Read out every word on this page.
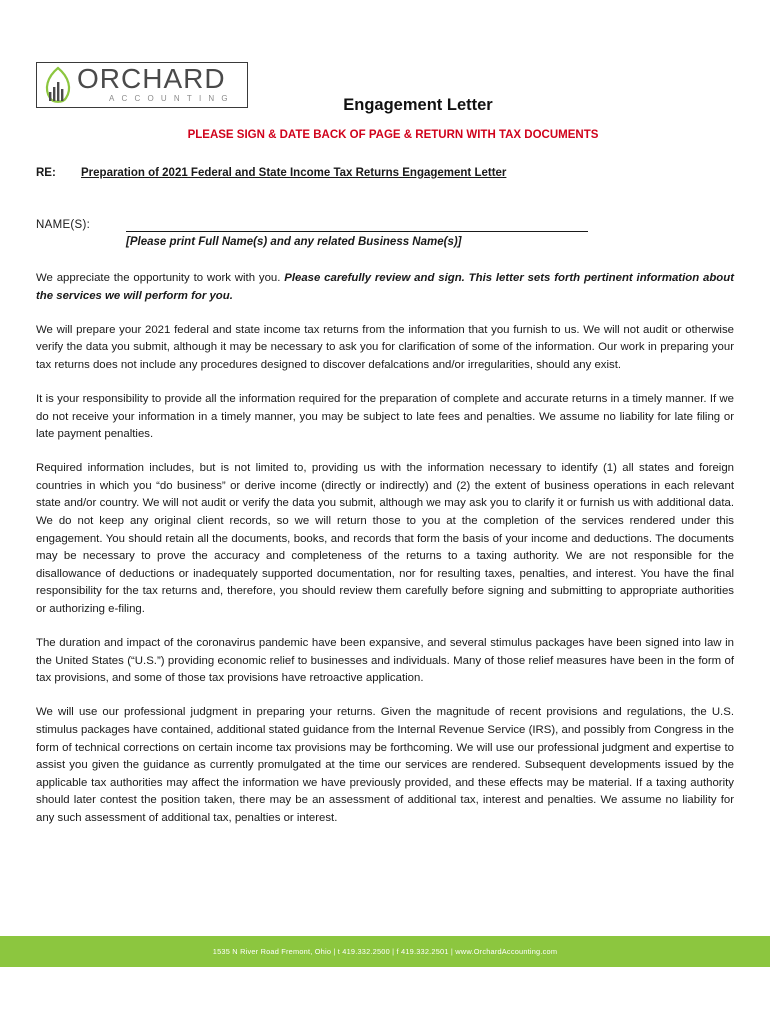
ORCHARD
ACCOUNTING	Engagement Letter
PLEASE SIGN & DATE BACK OF PAGE & RETURN WITH TAX DOCUMENTS
RE: Preparation of 2021 Federal and State Income Tax Returns Engagement Letter
NAME(S):
[Please print Full Name(s) and any related Business Name(s)]

We appreciate the opportunity to work with you. Please carefully review and sign. This letter sets forth pertinent information about the services we will perform for you.

We will prepare your 2021 federal and state income tax returns from the information that you furnish to us. We will not audit or otherwise verify the data you submit, although it may be necessary to ask you for clarification of some of the information. Our work in preparing your tax returns does not include any procedures designed to discover defalcations and/or irregularities, should any exist.

It is your responsibility to provide all the information required for the preparation of complete and accurate returns in a timely manner. If we do not receive your information in a timely manner, you may be subject to late fees and penalties. We assume no liability for late filing or late payment penalties.

Required information includes, but is not limited to, providing us with the information necessary to identify (1) all states and foreign countries in which you “do business” or derive income (directly or indirectly) and (2) the extent of business operations in each relevant state and/or country. We will not audit or verify the data you submit, although we may ask you to clarify it or furnish us with additional data. We do not keep any original client records, so we will return those to you at the completion of the services rendered under this engagement. You should retain all the documents, books, and records that form the basis of your income and deductions. The documents may be necessary to prove the accuracy and completeness of the returns to a taxing authority. We are not responsible for the disallowance of deductions or inadequately supported documentation, nor for resulting taxes, penalties, and interest. You have the final responsibility for the tax returns and, therefore, you should review them carefully before signing and submitting to appropriate authorities or authorizing e-filing.

The duration and impact of the coronavirus pandemic have been expansive, and several stimulus packages have been signed into law in the United States (“U.S.”) providing economic relief to businesses and individuals. Many of those relief measures have been in the form of tax provisions, and some of those tax provisions have retroactive application.

We will use our professional judgment in preparing your returns. Given the magnitude of recent provisions and regulations, the U.S. stimulus packages have contained, additional stated guidance from the Internal Revenue Service (IRS), and possibly from Congress in the form of technical corrections on certain income tax provisions may be forthcoming. We will use our professional judgment and expertise to assist you given the guidance as currently promulgated at the time our services are rendered. Subsequent developments issued by the applicable tax authorities may affect the information we have previously provided, and these effects may be material. If a taxing authority should later contest the position taken, there may be an assessment of additional tax, interest and penalties. We assume no liability for any such assessment of additional tax, penalties or interest.

1535 N River Road Fremont, Ohio | t 419.332.2500 | f 419.332.2501 | www.OrchardAccounting.com
